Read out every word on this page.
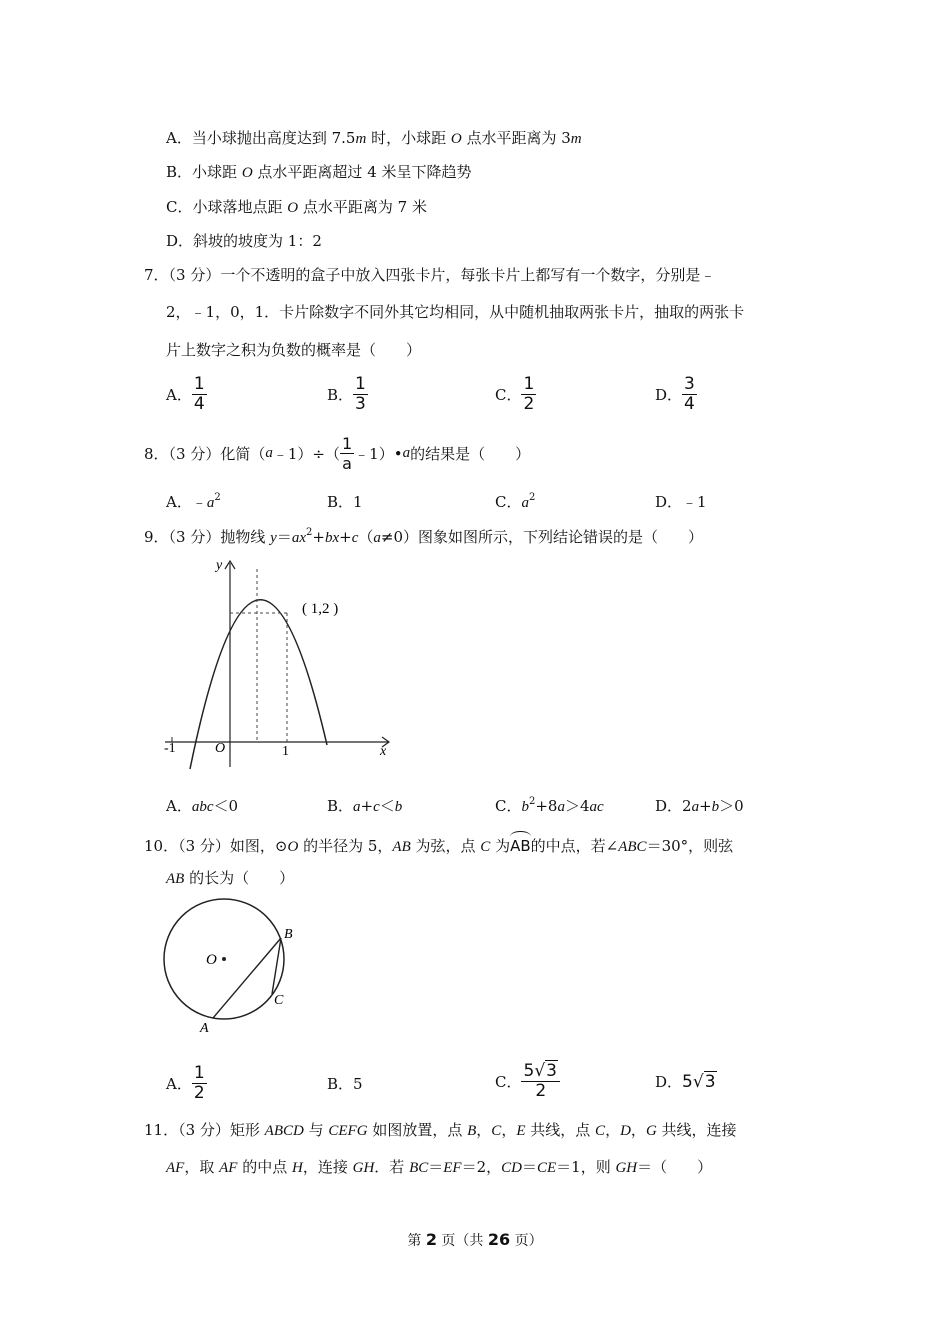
A．当小球抛出高度达到 7.5m 时，小球距 O 点水平距离为 3m
B．小球距 O 点水平距离超过 4 米呈下降趋势
C．小球落地点距 O 点水平距离为 7 米
D．斜坡的坡度为 1：2
7．（3 分）一个不透明的盒子中放入四张卡片，每张卡片上都写有一个数字，分别是﹣
2，﹣1，0，1．卡片除数字不同外其它均相同，从中随机抽取两张卡片，抽取的两张卡
片上数字之积为负数的概率是（　　）
A． $\frac{1}{4}$	B． $\frac{1}{3}$	C． $\frac{1}{2}$	D． $\frac{3}{4}$
8．（3 分）化简（a﹣1）÷（ $\frac{1}{a}$ ﹣1）•a的结果是（　　）
A．$﹣a^2$	B．1	C．$a^2$	D．﹣1
9．（3 分）抛物线 $y=ax^2+bx+c(a\ne 0)$图象如图所示，下列结论错误的是（　　）
y
x
O
-1	1
( 1,2 )
A．abc＜0	B．a+c＜b	C．$b^2+8a>4ac$	D．2a+b＞0
10．（3 分）如图，⊙O 的半径为 5，AB 为弦，点 C 为AB的中点，若∠ABC＝30°，则弦
AB 的长为（　　）
O
B
C
A
A． $\frac{1}{2}$	B．5	C． $\frac{5√3}{2}$	D．5√3
11．（3 分）矩形 ABCD 与 CEFG 如图放置，点 B，C，E 共线，点 C，D，G 共线，连接
AF，取 AF 的中点 H，连接 GH．若 BC＝EF＝2，CD＝CE＝1，则 GH＝（　　）
第 2 页（共 26 页）
